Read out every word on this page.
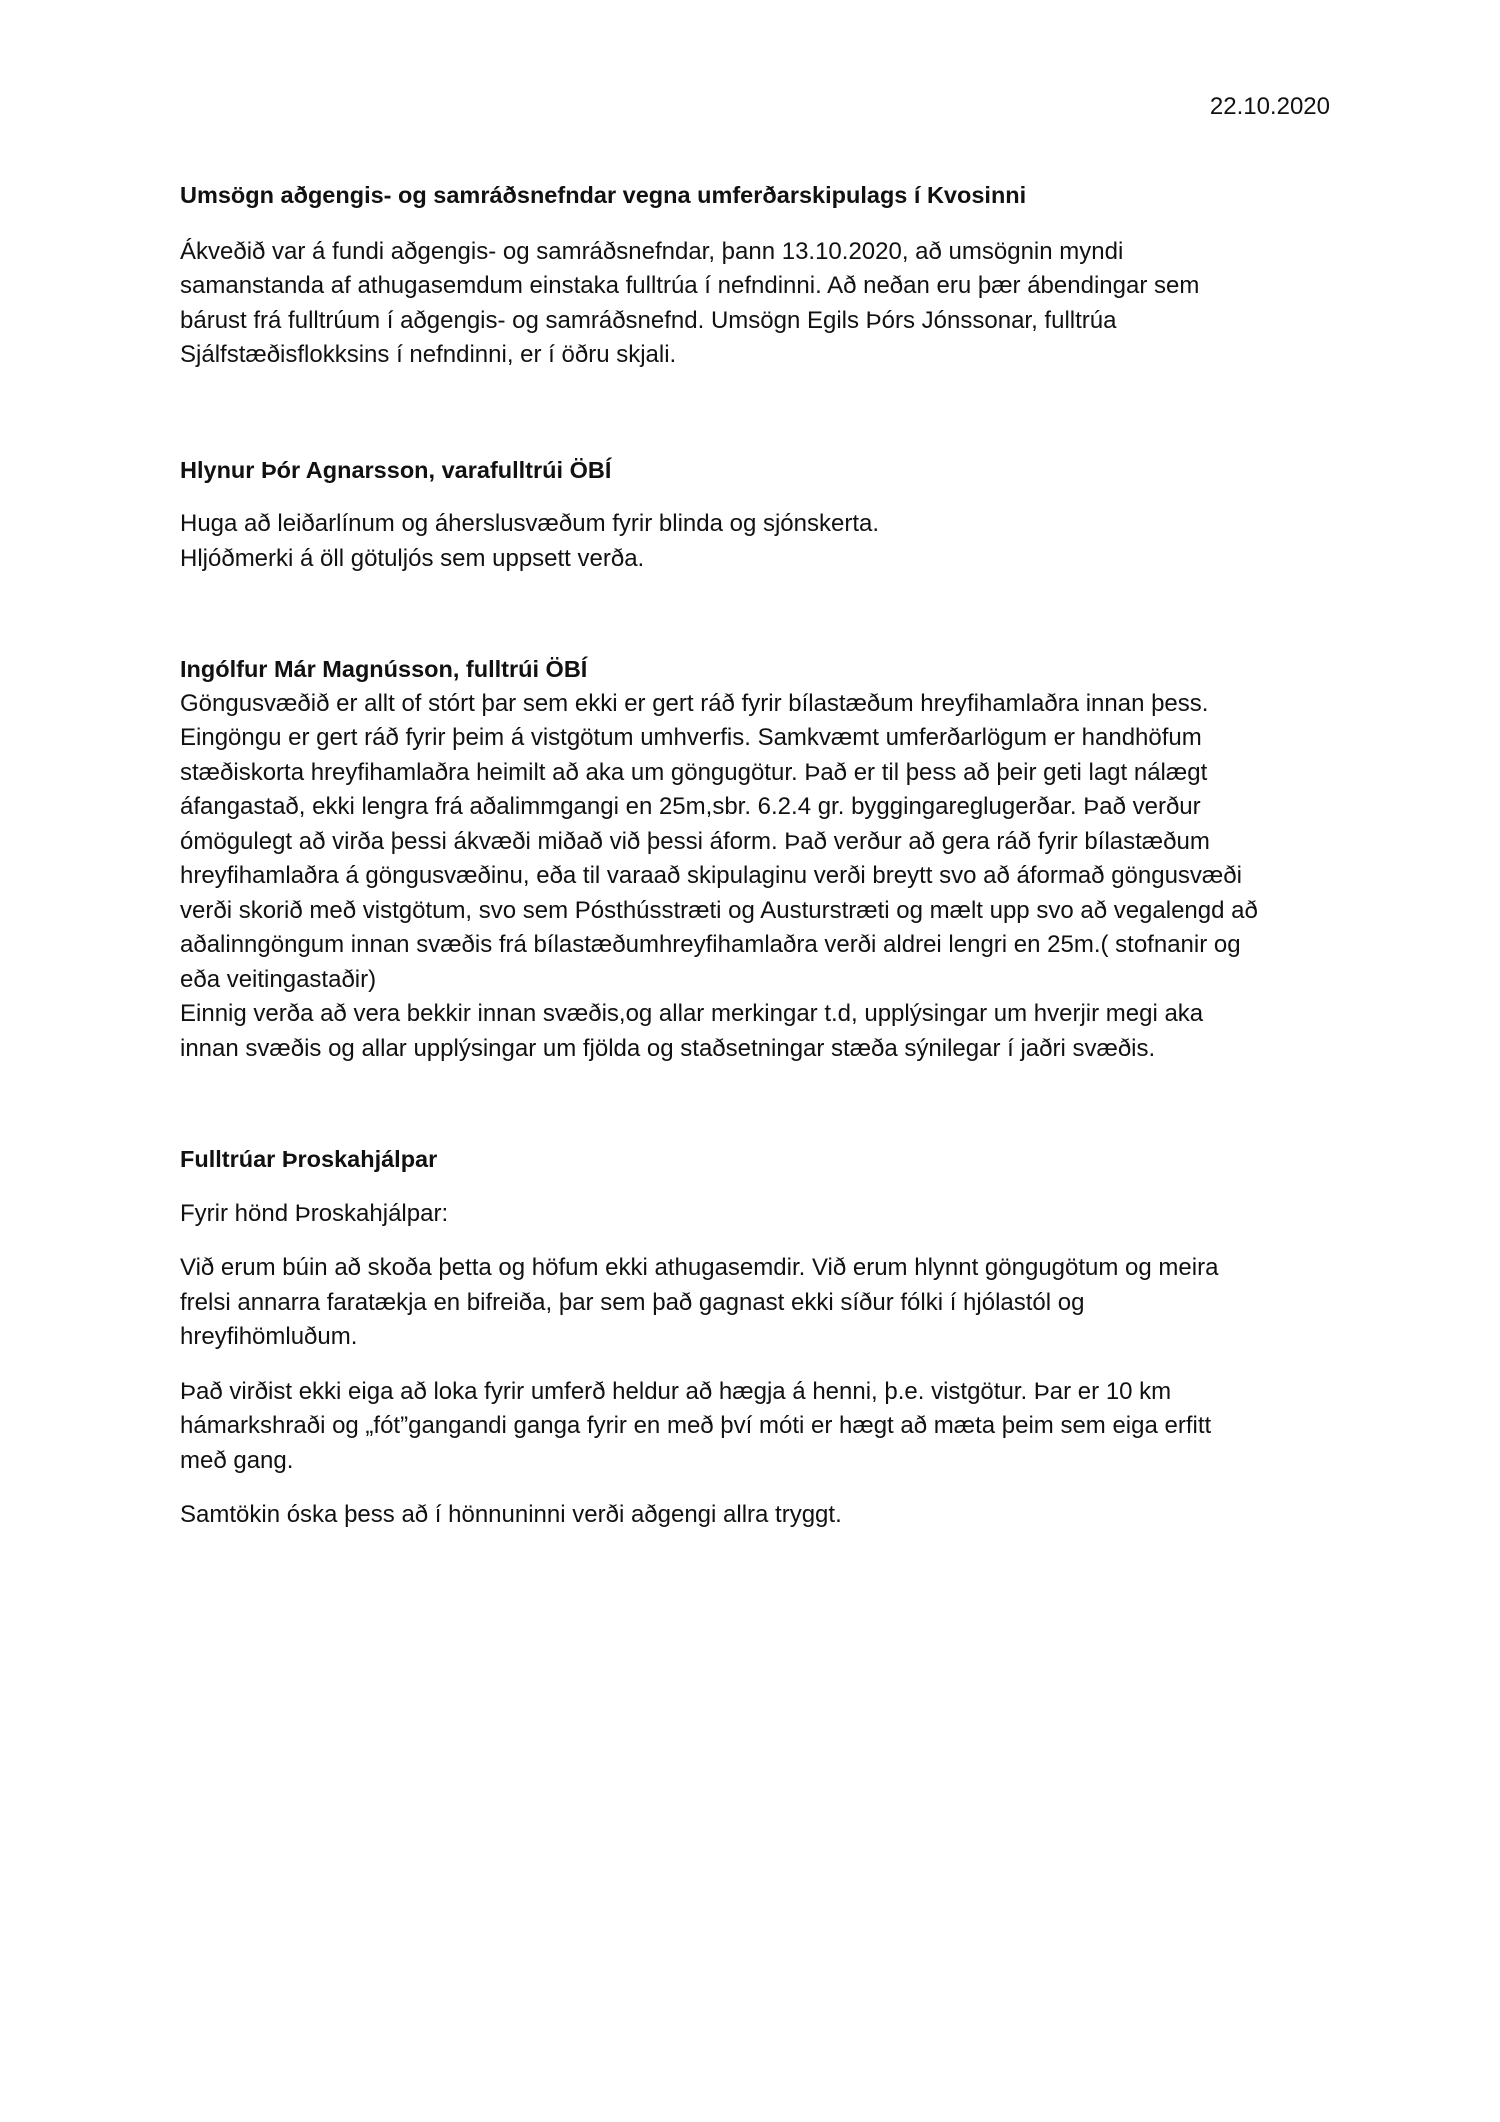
22.10.2020

Umsögn aðgengis- og samráðsnefndar vegna umferðarskipulags í Kvosinni

Ákveðið var á fundi aðgengis- og samráðsnefndar, þann 13.10.2020, að umsögnin myndi
samanstanda af athugasemdum einstaka fulltrúa í nefndinni. Að neðan eru þær ábendingar sem
bárust frá fulltrúum í aðgengis- og samráðsnefnd. Umsögn Egils Þórs Jónssonar, fulltrúa
Sjálfstæðisflokksins í nefndinni, er í öðru skjali.

Hlynur Þór Agnarsson, varafulltrúi ÖBÍ

Huga að leiðarlínum og áherslusvæðum fyrir blinda og sjónskerta.
Hljóðmerki á öll götuljós sem uppsett verða.

Ingólfur Már Magnússon, fulltrúi ÖBÍ

Göngusvæðið er allt of stórt þar sem ekki er gert ráð fyrir bílastæðum hreyfihamlaðra innan þess.
Eingöngu er gert ráð fyrir þeim á vistgötum umhverfis. Samkvæmt umferðarlögum er handhöfum
stæðiskorta hreyfihamlaðra heimilt að aka um göngugötur. Það er til þess að þeir geti lagt nálægt
áfangastað, ekki lengra frá aðalimmgangi en 25m,sbr. 6.2.4 gr. byggingareglugerðar. Það verður
ómögulegt að virða þessi ákvæði miðað við þessi áform. Það verður að gera ráð fyrir bílastæðum
hreyfihamlaðra á göngusvæðinu, eða til varaað skipulaginu verði breytt svo að áformað göngusvæði
verði skorið með vistgötum, svo sem Pósthússtræti og Austurstræti og mælt upp svo að vegalengd að
aðalinngöngum innan svæðis frá bílastæðumhreyfihamlaðra verði aldrei lengri en 25m.( stofnanir og
eða veitingastaðir)
Einnig verða að vera bekkir innan svæðis,og allar merkingar t.d, upplýsingar um hverjir megi aka
innan svæðis og allar upplýsingar um fjölda og staðsetningar stæða sýnilegar í jaðri svæðis.

Fulltrúar Þroskahjálpar

Fyrir hönd Þroskahjálpar:

Við erum búin að skoða þetta og höfum ekki athugasemdir. Við erum hlynnt göngugötum og meira
frelsi annarra faratækja en bifreiða, þar sem það gagnast ekki síður fólki í hjólastól og
hreyfihömluðum.
Það virðist ekki eiga að loka fyrir umferð heldur að hægja á henni, þ.e. vistgötur. Þar er 10 km
hámarkshraði og „fót”gangandi ganga fyrir en með því móti er hægt að mæta þeim sem eiga erfitt
með gang.

Samtökin óska þess að í hönnuninni verði aðgengi allra tryggt.
